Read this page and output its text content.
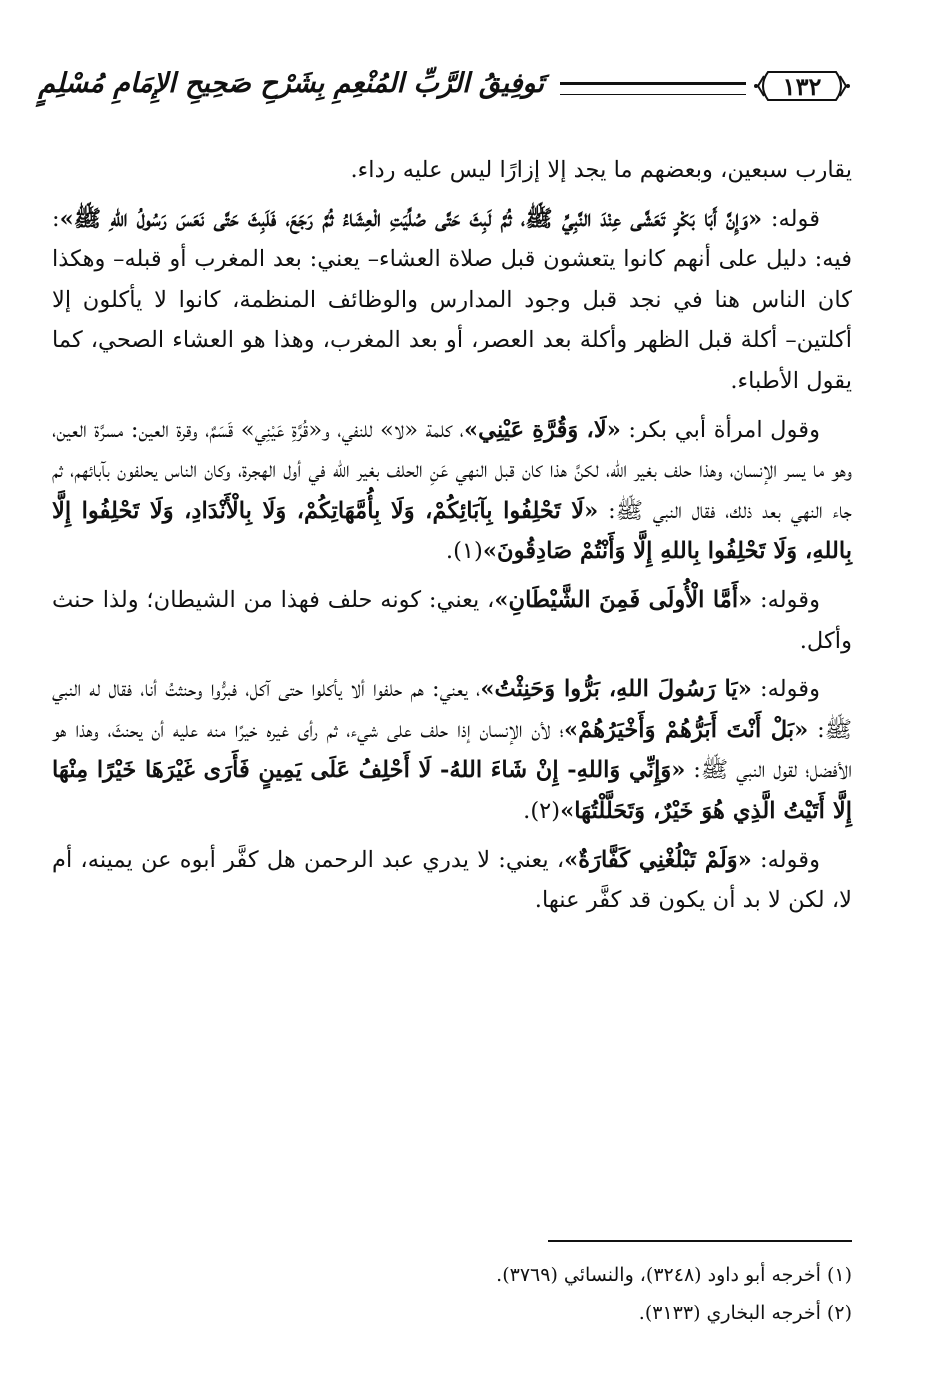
١٣٢
تَوفِيقُ الرَّبِّ المُنْعِمِ بِشَرْحِ صَحِيحِ الإِمَامِ مُسْلِمٍ

يقارب سبعين، وبعضهم ما يجد إلا إزارًا ليس عليه رداء.

قوله: «وَإِنَّ أَبَا بَكْرٍ تَعَشَّى عِنْدَ النَّبِيِّ ﷺ، ثُمَّ لَبِثَ حَتَّى صُلِّيَتِ الْعِشَاءُ ثُمَّ رَجَعَ، فَلَبِثَ حَتَّى نَعَسَ رَسُولُ اللهِ ﷺ»: فيه: دليل على أنهم كانوا يتعشون قبل صلاة العشاء– يعني: بعد المغرب أو قبله– وهكذا كان الناس هنا في نجد قبل وجود المدارس والوظائف المنظمة، كانوا لا يأكلون إلا أكلتين– أكلة قبل الظهر وأكلة بعد العصر، أو بعد المغرب، وهذا هو العشاء الصحي، كما يقول الأطباء.

وقول امرأة أبي بكر: «لَا، وَقُرَّةِ عَيْنِي»، كلمة «لا» للنفي، و«قُرَّةِ عَيْنِي» قَسَمٌ، وقرة العين: مسرَّة العين، وهو ما يسر الإنسان، وهذا حلف بغير الله، لكنَّ هذا كان قبل النهي عَنِ الحلف بغير الله في أول الهجرة، وكان الناس يحلفون بآبائهم، ثم جاء النهي بعد ذلك، فقال النبي ﷺ: «لَا تَحْلِفُوا بِآبَائِكُمْ، وَلَا بِأُمَّهَاتِكُمْ، وَلَا بِالْأَنْدَادِ، وَلَا تَحْلِفُوا إِلَّا بِاللهِ، وَلَا تَحْلِفُوا بِاللهِ إِلَّا وَأَنْتُمْ صَادِقُونَ»(١).

وقوله: «أَمَّا الْأُولَى فَمِنَ الشَّيْطَانِ»، يعني: كونه حلف فهذا من الشيطان؛ ولذا حنث وأكل.

وقوله: «يَا رَسُولَ اللهِ، بَرُّوا وَحَنِثْتُ»، يعني: هم حلفوا ألا يأكلوا حتى آكل، فبرُّوا وحنثتُ أنا، فقال له النبي ﷺ: «بَلْ أَنْتَ أَبَرُّهُمْ وَأَخْيَرُهُمْ»؛ لأن الإنسان إذا حلف على شيء، ثم رأى غيره خيرًا منه عليه أن يحنثَ، وهذا هو الأفضل؛ لقول النبي ﷺ: «وَإِنِّي وَاللهِ- إِنْ شَاءَ اللهُ- لَا أَحْلِفُ عَلَى يَمِينٍ فَأَرَى غَيْرَهَا خَيْرًا مِنْهَا إِلَّا أَتَيْتُ الَّذِي هُوَ خَيْرٌ، وَتَحَلَّلْتُهَا»(٢).

وقوله: «وَلَمْ تَبْلُغْنِي كَفَّارَةٌ»، يعني: لا يدري عبد الرحمن هل كفَّر أبوه عن يمينه، أم لا، لكن لا بد أن يكون قد كفَّر عنها.

(١) أخرجه أبو داود (٣٢٤٨)، والنسائي (٣٧٦٩).
(٢) أخرجه البخاري (٣١٣٣).
